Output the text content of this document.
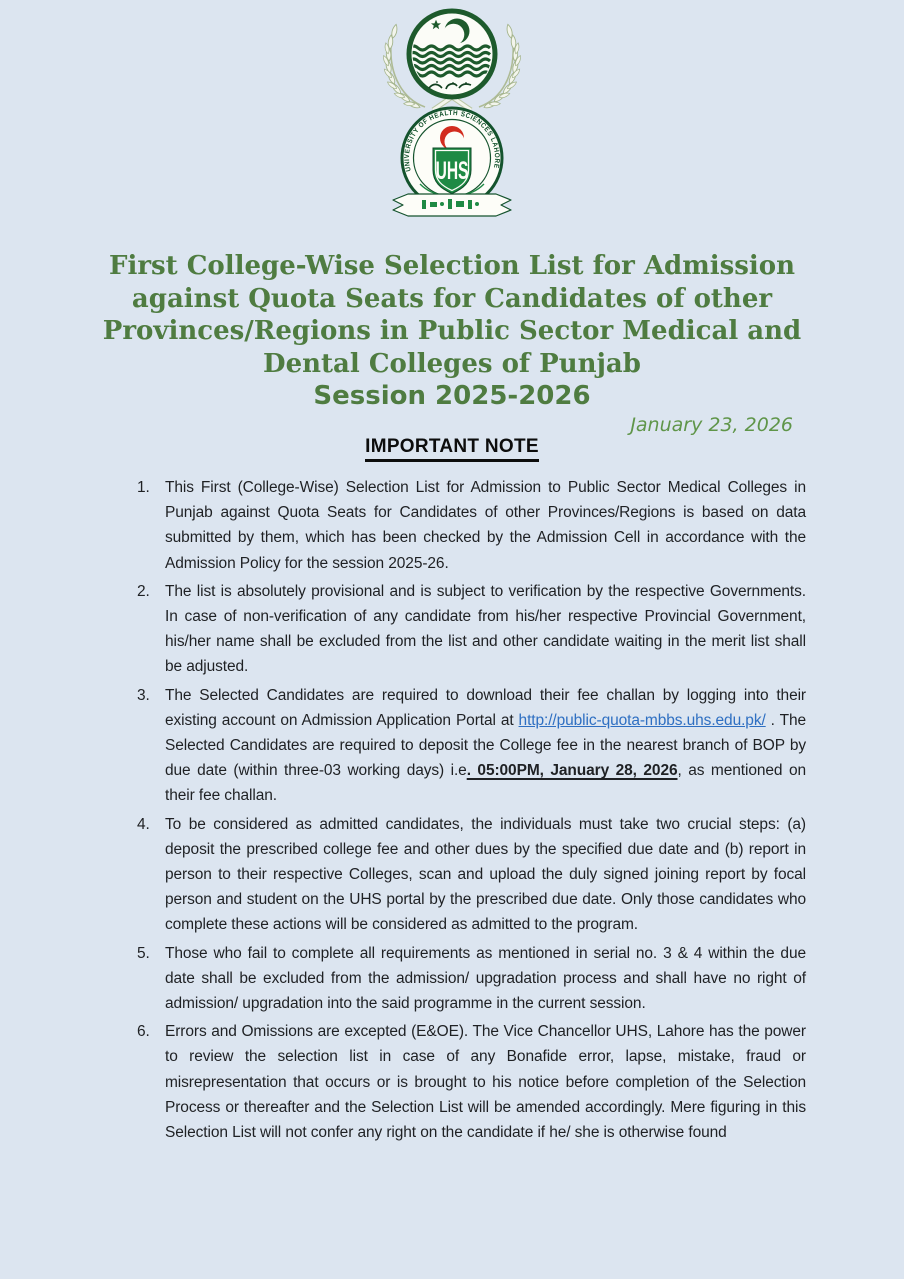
UNIVERSITY OF HEALTH SCIENCES LAHORE
UHS
First College-Wise Selection List for Admission
against Quota Seats for Candidates of other
Provinces/Regions in Public Sector Medical and
Dental Colleges of Punjab
Session 2025-2026
January 23, 2026
IMPORTANT NOTE
This First (College-Wise) Selection List for Admission to Public Sector Medical Colleges in Punjab against Quota Seats for Candidates of other Provinces/Regions is based on data submitted by them, which has been checked by the Admission Cell in accordance with the Admission Policy for the session 2025-26.
The list is absolutely provisional and is subject to verification by the respective Governments. In case of non-verification of any candidate from his/her respective Provincial Government, his/her name shall be excluded from the list and other candidate waiting in the merit list shall be adjusted.
The Selected Candidates are required to download their fee challan by logging into their existing account on Admission Application Portal at http://public-quota-mbbs.uhs.edu.pk/ . The Selected Candidates are required to deposit the College fee in the nearest branch of BOP by due date (within three-03 working days) i.e. 05:00PM, January 28, 2026, as mentioned on their fee challan.
To be considered as admitted candidates, the individuals must take two crucial steps: (a) deposit the prescribed college fee and other dues by the specified due date and (b) report in person to their respective Colleges, scan and upload the duly signed joining report by focal person and student on the UHS portal by the prescribed due date. Only those candidates who complete these actions will be considered as admitted to the program.
Those who fail to complete all requirements as mentioned in serial no. 3 & 4 within the due date shall be excluded from the admission/ upgradation process and shall have no right of admission/ upgradation into the said programme in the current session.
Errors and Omissions are excepted (E&OE). The Vice Chancellor UHS, Lahore has the power to review the selection list in case of any Bonafide error, lapse, mistake, fraud or misrepresentation that occurs or is brought to his notice before completion of the Selection Process or thereafter and the Selection List will be amended accordingly. Mere figuring in this Selection List will not confer any right on the candidate if he/ she is otherwise found
